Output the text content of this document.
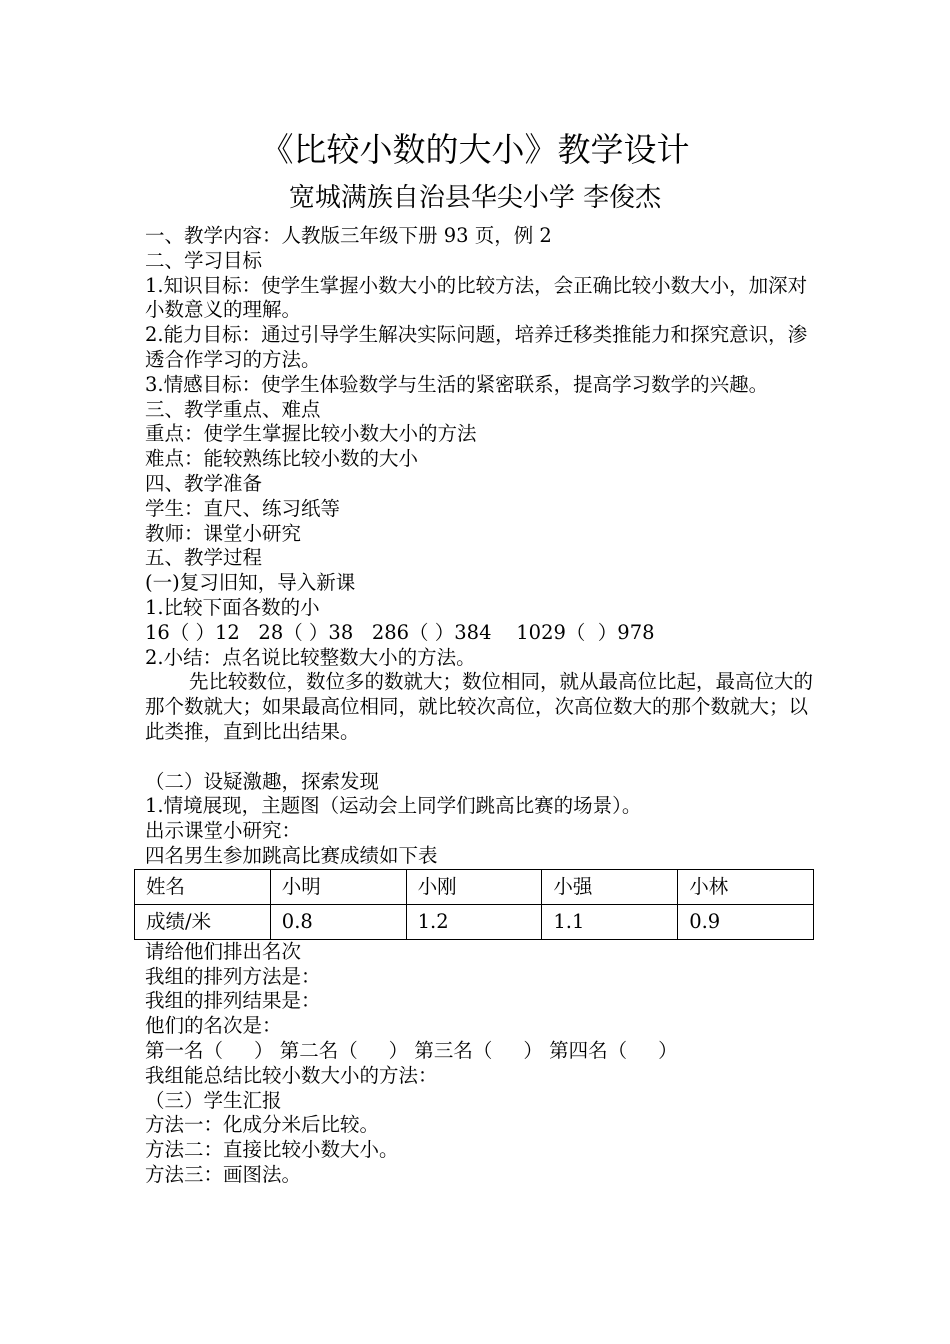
《比较小数的大小》教学设计
宽城满族自治县华尖小学 李俊杰

一、教学内容：人教版三年级下册 93 页，例 2

二、学习目标

1.知识目标：使学生掌握小数大小的比较方法，会正确比较小数大小，加深对小数意义的理解。

2.能力目标：通过引导学生解决实际问题，培养迁移类推能力和探究意识，渗透合作学习的方法。

3.情感目标：使学生体验数学与生活的紧密联系，提高学习数学的兴趣。

三、教学重点、难点

重点：使学生掌握比较小数大小的方法

难点：能较熟练比较小数的大小

四、教学准备

学生：直尺、练习纸等

教师：课堂小研究

五、教学过程

(一)复习旧知，导入新课

1.比较下面各数的小

16（ ）12   28（ ）38   286（ ）384    1029（  ）978

2.小结：点名说比较整数大小的方法。

先比较数位，数位多的数就大；数位相同，就从最高位比起，最高位大的那个数就大；如果最高位相同，就比较次高位，次高位数大的那个数就大；以此类推，直到比出结果。

（二）设疑激趣，探索发现

1.情境展现，主题图（运动会上同学们跳高比赛的场景）。

出示课堂小研究：

四名男生参加跳高比赛成绩如下表

姓名	小明	小刚	小强	小林
成绩/米	0.8	1.2	1.1	0.9

请给他们排出名次

我组的排列方法是：

我组的排列结果是：

他们的名次是：

第一名（     ） 第二名（     ） 第三名（     ） 第四名（     ）

我组能总结比较小数大小的方法：

（三）学生汇报

方法一：化成分米后比较。

方法二：直接比较小数大小。

方法三：画图法。
